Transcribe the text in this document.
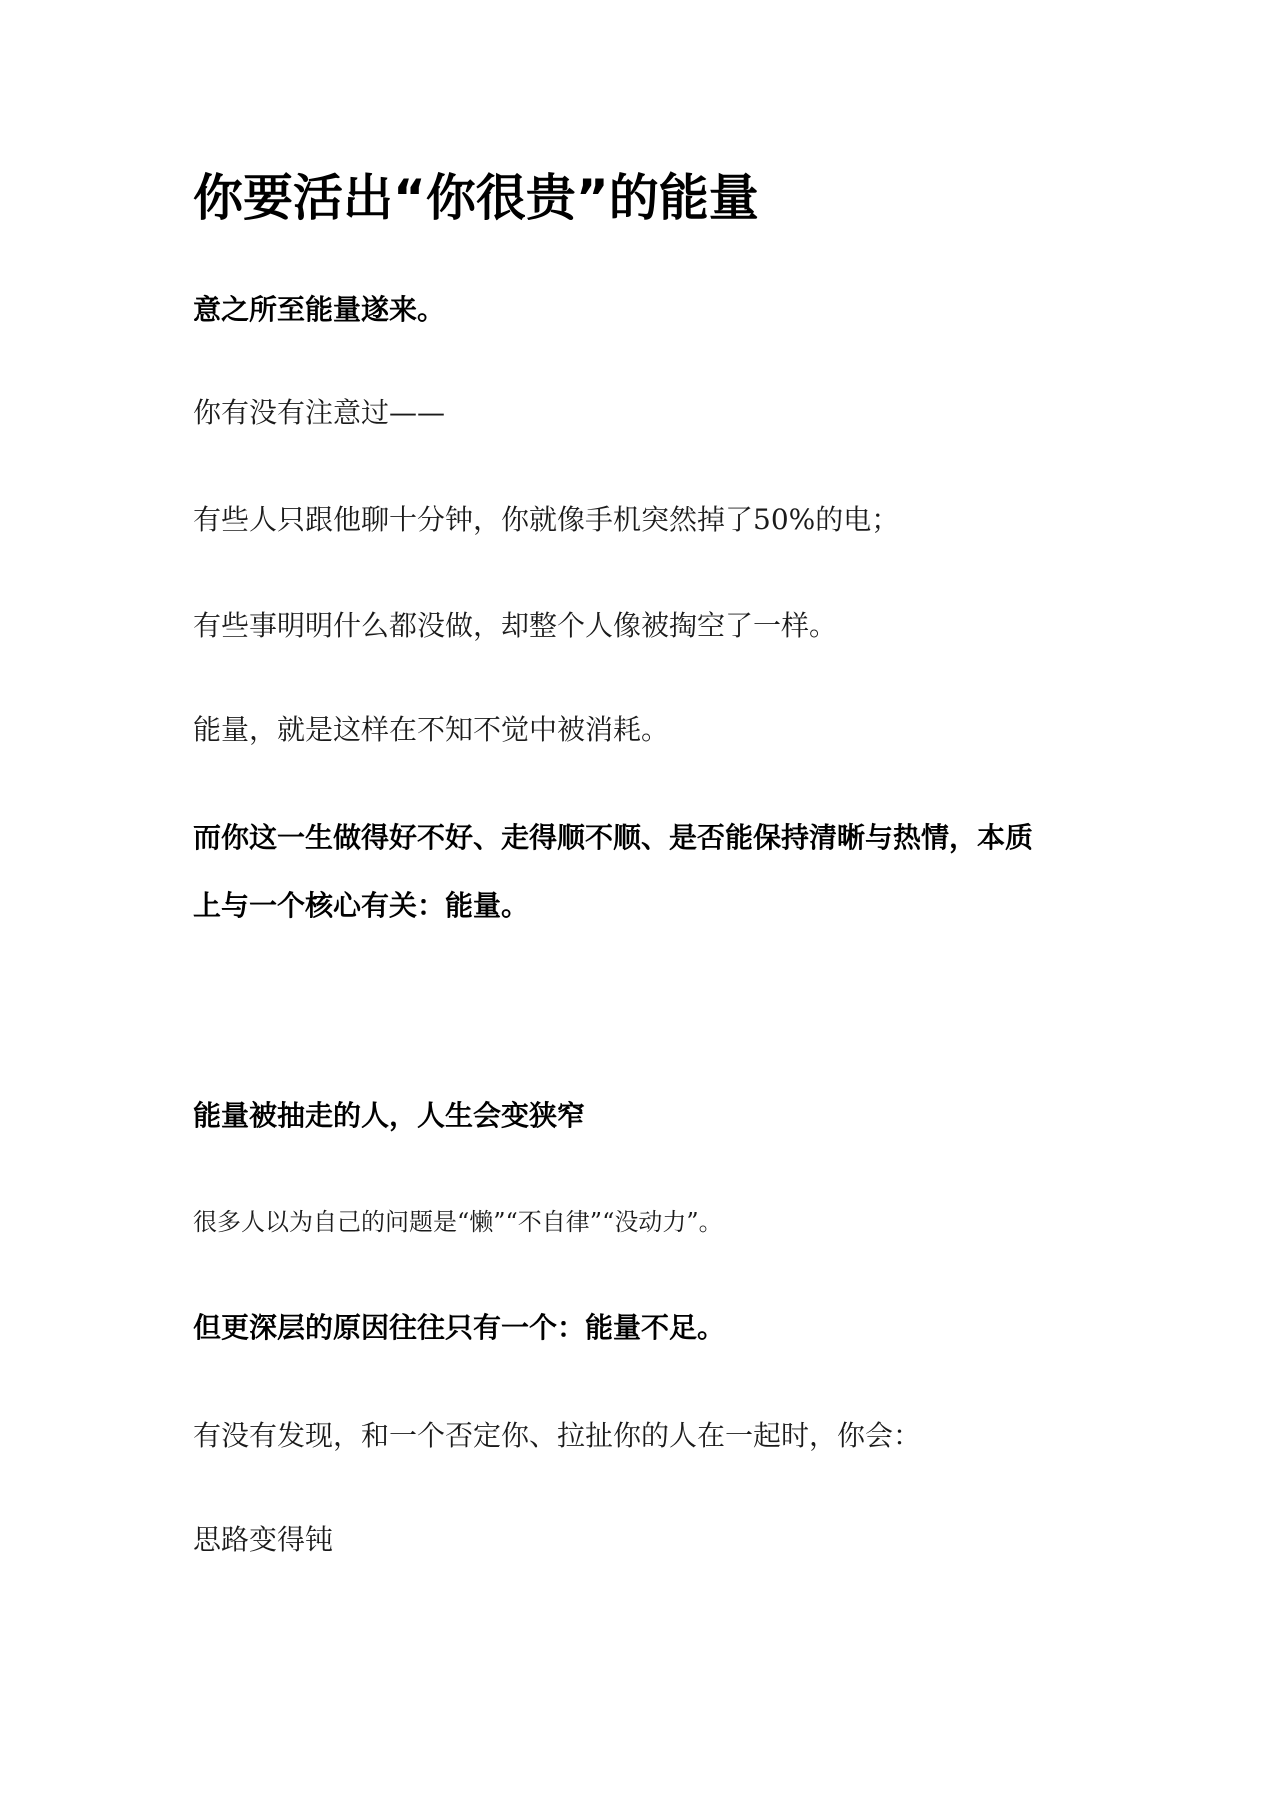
你要活出“你很贵”的能量

意之所至能量遂来。

你有没有注意过——

有些人只跟他聊十分钟，你就像手机突然掉了50%的电；

有些事明明什么都没做，却整个人像被掏空了一样。

能量，就是这样在不知不觉中被消耗。

而你这一生做得好不好、走得顺不顺、是否能保持清晰与热情，本质

上与一个核心有关：能量。

能量被抽走的人，人生会变狭窄

很多人以为自己的问题是“懒”“不自律”“没动力”。

但更深层的原因往往只有一个：能量不足。

有没有发现，和一个否定你、拉扯你的人在一起时，你会：

思路变得钝
